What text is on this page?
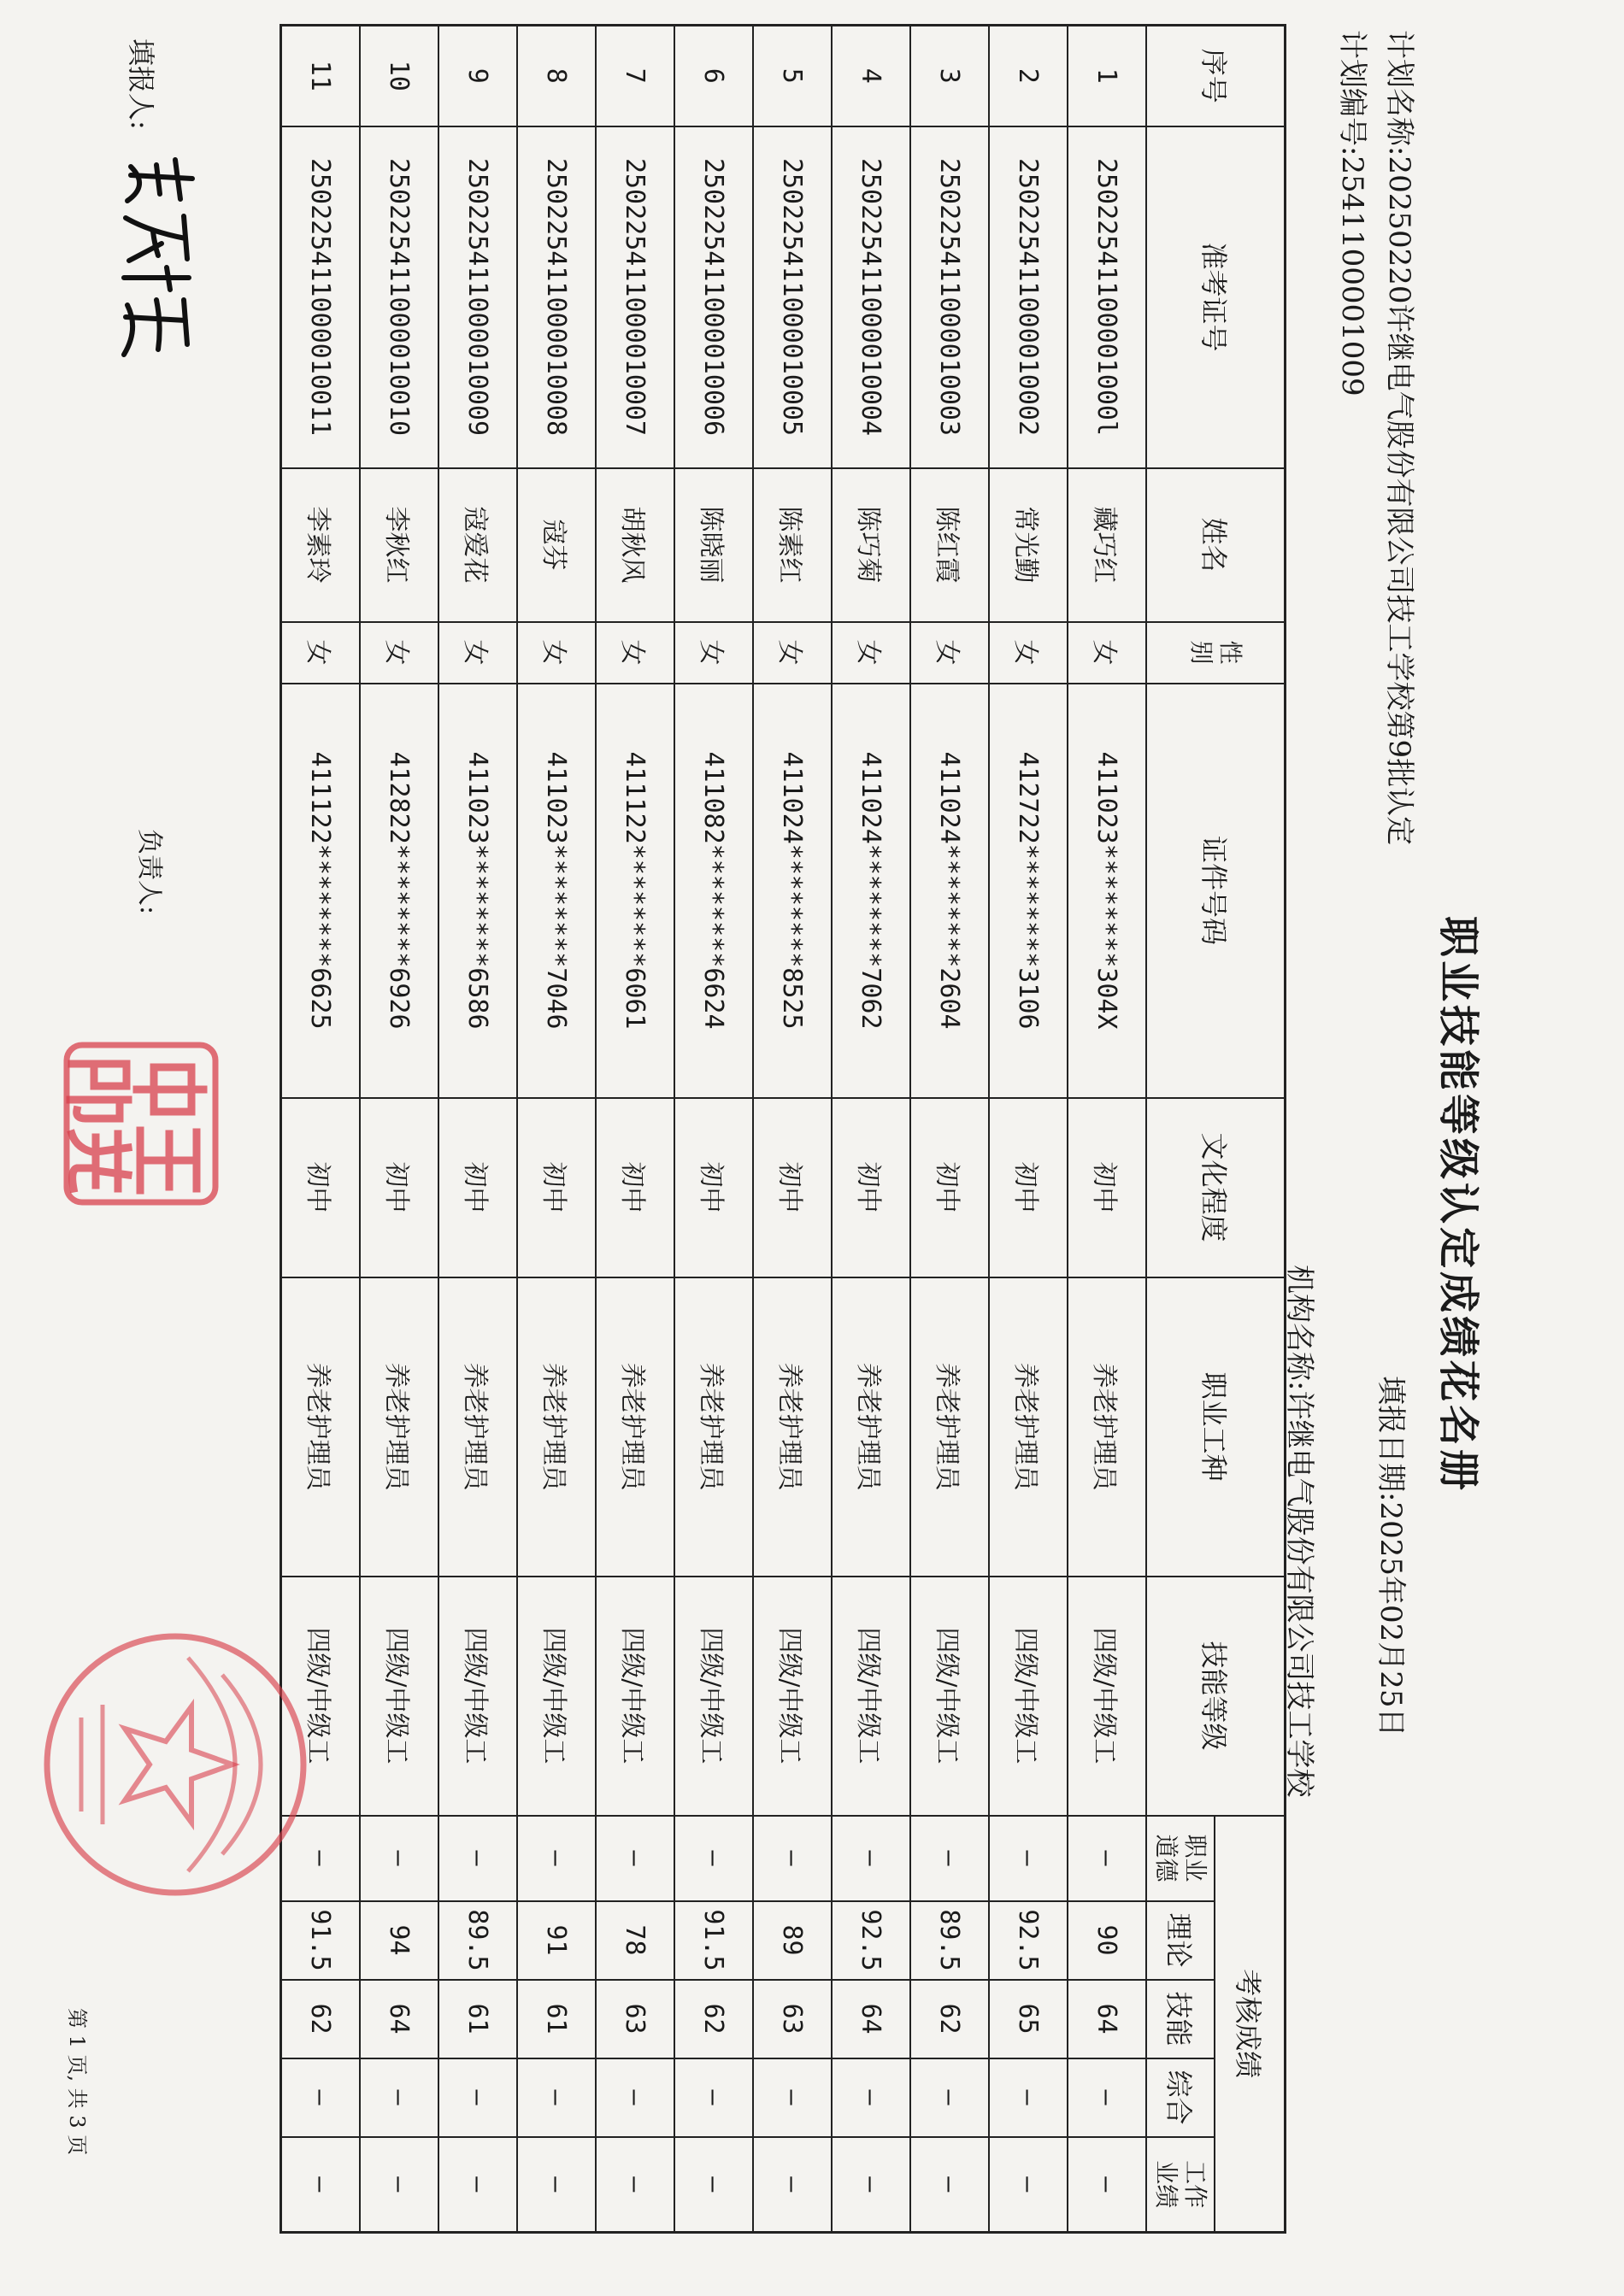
职业技能等级认定成绩花名册
计划名称:20250220许继电气股份有限公司技工学校第9批认定
计划编号:2541100001009
填报日期:2025年02月25日
机构名称:许继电气股份有限公司技工学校
序号	准考证号	姓名	性别	证件号码	文化程度	职业工种	技能等级	考核成绩				
								职业道德	理论	技能	综合	工作业绩
1	25022541100001000l	藏巧红	女	411023********304X	初中	养老护理员	四级/中级工	—	90	64	—	—
2	250225411000010002	常光勤	女	412722********3106	初中	养老护理员	四级/中级工	—	92.5	65	—	—
3	250225411000010003	陈红霞	女	411024********2604	初中	养老护理员	四级/中级工	—	89.5	62	—	—
4	250225411000010004	陈巧菊	女	411024********7062	初中	养老护理员	四级/中级工	—	92.5	64	—	—
5	250225411000010005	陈素红	女	411024********8525	初中	养老护理员	四级/中级工	—	89	63	—	—
6	250225411000010006	陈晓丽	女	411082********6624	初中	养老护理员	四级/中级工	—	91.5	62	—	—
7	250225411000010007	胡秋风	女	411122********6061	初中	养老护理员	四级/中级工	—	78	63	—	—
8	250225411000010008	寇芬	女	411023********7046	初中	养老护理员	四级/中级工	—	91	61	—	—
9	250225411000010009	寇爱花	女	411023********6586	初中	养老护理员	四级/中级工	—	89.5	61	—	—
10	250225411000010010	李秋红	女	412822********6926	初中	养老护理员	四级/中级工	—	94	64	—	—
11	250225411000010011	李素玲	女	411122********6625	初中	养老护理员	四级/中级工	—	91.5	62	—	—
填报人:
负责人:
第 1 页, 共 3 页
